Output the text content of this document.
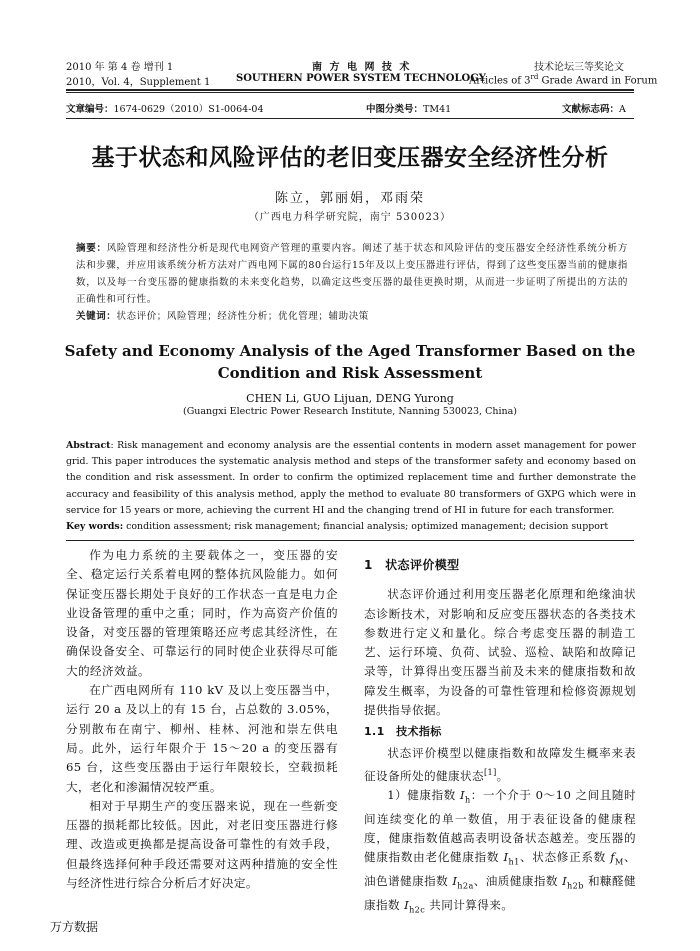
2010 年 第 4 卷 增刊 1
2010，Vol. 4，Supplement 1
南 方 电 网 技 术
SOUTHERN POWER SYSTEM TECHNOLOGY
技术论坛三等奖论文
Articles of 3rd Grade Award in Forum
文章编号：1674-0629（2010）S1-0064-04	中图分类号：TM41	文献标志码：A
基于状态和风险评估的老旧变压器安全经济性分析
陈立，郭丽娟，邓雨荣
（广西电力科学研究院，南宁 530023）
摘要：风险管理和经济性分析是现代电网资产管理的重要内容。阐述了基于状态和风险评估的变压器安全经济性系统分析方法和步骤，并应用该系统分析方法对广西电网下属的80台运行15年及以上变压器进行评估，得到了这些变压器当前的健康指数，以及每一台变压器的健康指数的未来变化趋势，以确定这些变压器的最佳更换时期，从而进一步证明了所提出的方法的正确性和可行性。
关键词：状态评价；风险管理；经济性分析；优化管理；辅助决策
Safety and Economy Analysis of the Aged Transformer Based on the Condition and Risk Assessment
CHEN Li, GUO Lijuan, DENG Yurong
(Guangxi Electric Power Research Institute, Nanning 530023, China)
Abstract: Risk management and economy analysis are the essential contents in modern asset management for power grid. This paper introduces the systematic analysis method and steps of the transformer safety and economy based on the condition and risk assessment. In order to confirm the optimized replacement time and further demonstrate the accuracy and feasibility of this analysis method, apply the method to evaluate 80 transformers of GXPG which were in service for 15 years or more, achieving the current HI and the changing trend of HI in future for each transformer.
Key words: condition assessment; risk management; financial analysis; optimized management; decision support

作为电力系统的主要载体之一，变压器的安全、稳定运行关系着电网的整体抗风险能力。如何保证变压器长期处于良好的工作状态一直是电力企业设备管理的重中之重；同时，作为高资产价值的设备，对变压器的管理策略还应考虑其经济性，在确保设备安全、可靠运行的同时使企业获得尽可能大的经济效益。

在广西电网所有 110 kV 及以上变压器当中，运行 20 a 及以上的有 15 台，占总数的 3.05%，分别散布在南宁、柳州、桂林、河池和崇左供电局。此外，运行年限介于 15～20 a 的变压器有 65 台，这些变压器由于运行年限较长，空载损耗大，老化和渗漏情况较严重。

相对于早期生产的变压器来说，现在一些新变压器的损耗都比较低。因此，对老旧变压器进行修理、改造或更换都是提高设备可靠性的有效手段，但最终选择何种手段还需要对这两种措施的安全性与经济性进行综合分析后才好决定。

1　状态评价模型

状态评价通过利用变压器老化原理和绝缘油状态诊断技术，对影响和反应变压器状态的各类技术参数进行定义和量化。综合考虑变压器的制造工艺、运行环境、负荷、试验、巡检、缺陷和故障记录等，计算得出变压器当前及未来的健康指数和故障发生概率，为设备的可靠性管理和检修资源规划提供指导依据。

1.1　技术指标

状态评价模型以健康指数和故障发生概率来表征设备所处的健康状态[1]。

1）健康指数 $I_h$：一个介于 0～10 之间且随时间连续变化的单一数值，用于表征设备的健康程度，健康指数值越高表明设备状态越差。变压器的健康指数由老化健康指数 $I_{h1}$、状态修正系数 $f_M$、油色谱健康指数 $I_{h2a}$、油质健康指数 $I_{h2b}$ 和糠醛健康指数 $I_{h2c}$ 共同计算得来。

万方数据
